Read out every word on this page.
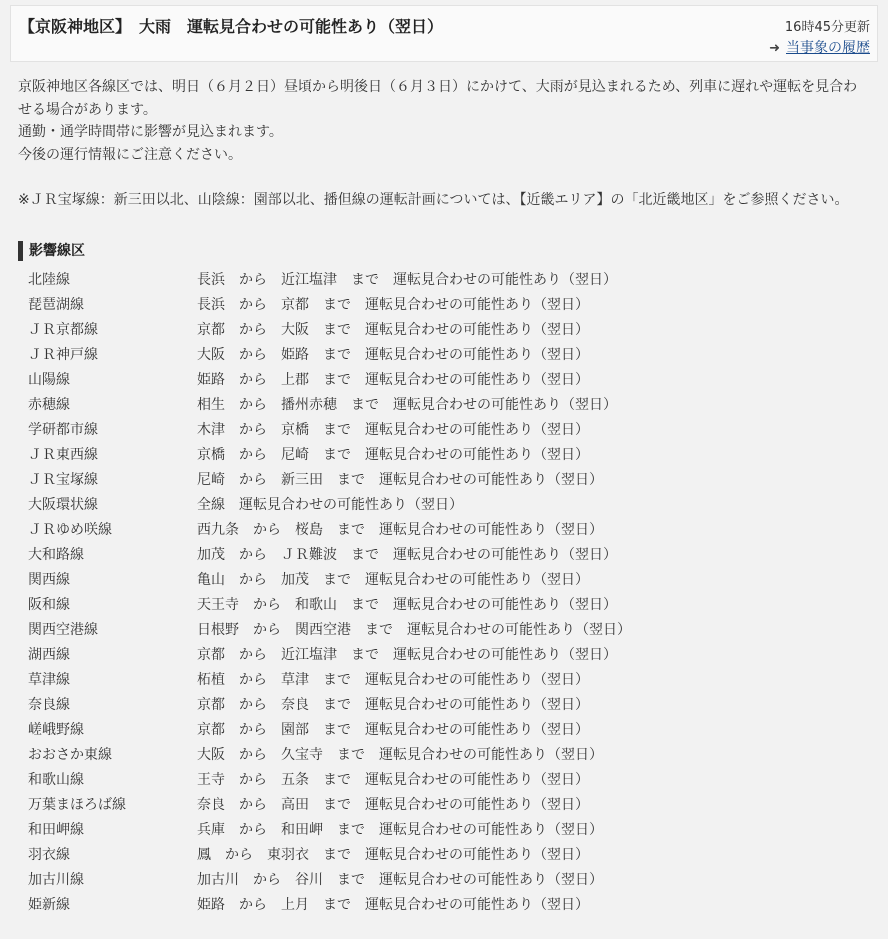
【京阪神地区】　大雨　運転見合わせの可能性あり（翌日）	16時45分更新
➜ 当事象の履歴

京阪神地区各線区では、明日（６月２日）昼頃から明後日（６月３日）にかけて、大雨が見込まれるため、列車に遅れや運転を見合わせる場合があります。

通勤・通学時間帯に影響が見込まれます。

今後の運行情報にご注意ください。

※ＪＲ宝塚線：新三田以北、山陰線：園部以北、播但線の運転計画については、【近畿エリア】の「北近畿地区」をご参照ください。
影響線区
北陸線	長浜　から　近江塩津　まで　運転見合わせの可能性あり（翌日）
琵琶湖線	長浜　から　京都　まで　運転見合わせの可能性あり（翌日）
ＪＲ京都線	京都　から　大阪　まで　運転見合わせの可能性あり（翌日）
ＪＲ神戸線	大阪　から　姫路　まで　運転見合わせの可能性あり（翌日）
山陽線	姫路　から　上郡　まで　運転見合わせの可能性あり（翌日）
赤穂線	相生　から　播州赤穂　まで　運転見合わせの可能性あり（翌日）
学研都市線	木津　から　京橋　まで　運転見合わせの可能性あり（翌日）
ＪＲ東西線	京橋　から　尼崎　まで　運転見合わせの可能性あり（翌日）
ＪＲ宝塚線	尼崎　から　新三田　まで　運転見合わせの可能性あり（翌日）
大阪環状線	全線　運転見合わせの可能性あり（翌日）
ＪＲゆめ咲線	西九条　から　桜島　まで　運転見合わせの可能性あり（翌日）
大和路線	加茂　から　ＪＲ難波　まで　運転見合わせの可能性あり（翌日）
関西線	亀山　から　加茂　まで　運転見合わせの可能性あり（翌日）
阪和線	天王寺　から　和歌山　まで　運転見合わせの可能性あり（翌日）
関西空港線	日根野　から　関西空港　まで　運転見合わせの可能性あり（翌日）
湖西線	京都　から　近江塩津　まで　運転見合わせの可能性あり（翌日）
草津線	柘植　から　草津　まで　運転見合わせの可能性あり（翌日）
奈良線	京都　から　奈良　まで　運転見合わせの可能性あり（翌日）
嵯峨野線	京都　から　園部　まで　運転見合わせの可能性あり（翌日）
おおさか東線	大阪　から　久宝寺　まで　運転見合わせの可能性あり（翌日）
和歌山線	王寺　から　五条　まで　運転見合わせの可能性あり（翌日）
万葉まほろば線	奈良　から　高田　まで　運転見合わせの可能性あり（翌日）
和田岬線	兵庫　から　和田岬　まで　運転見合わせの可能性あり（翌日）
羽衣線	鳳　から　東羽衣　まで　運転見合わせの可能性あり（翌日）
加古川線	加古川　から　谷川　まで　運転見合わせの可能性あり（翌日）
姫新線	姫路　から　上月　まで　運転見合わせの可能性あり（翌日）
